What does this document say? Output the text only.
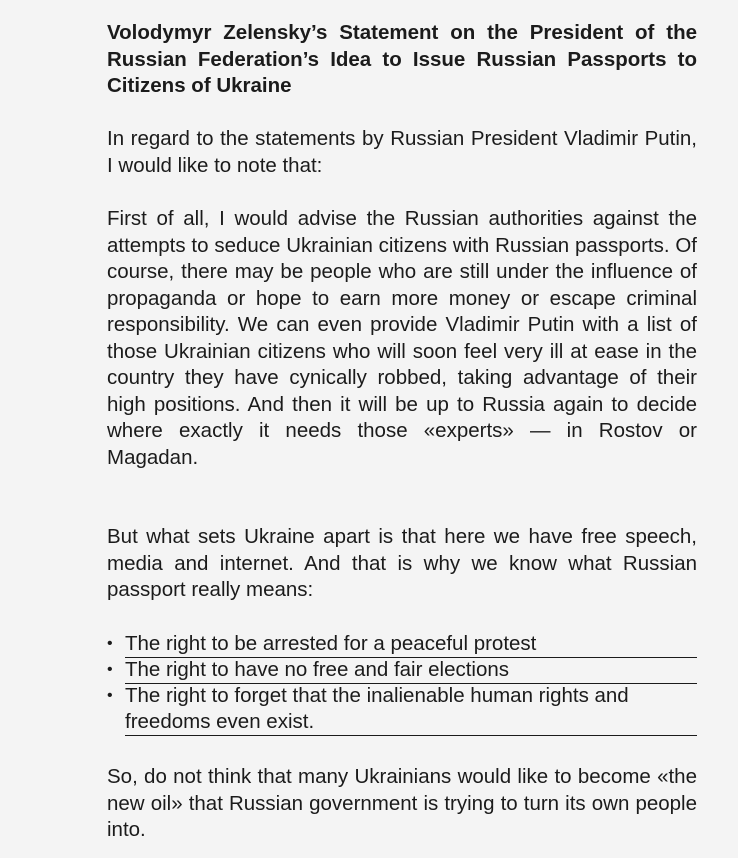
Volodymyr Zelensky’s Statement on the President of the Russian Federation’s Idea to Issue Russian Passports to Citizens of Ukraine

In regard to the statements by Russian President Vladimir Putin, I would like to note that:

First of all, I would advise the Russian authorities against the attempts to seduce Ukrainian citizens with Russian passports. Of course, there may be people who are still under the influence of propaganda or hope to earn more money or escape criminal responsibility. We can even provide Vladimir Putin with a list of those Ukrainian citizens who will soon feel very ill at ease in the country they have cynically robbed, taking advantage of their high positions. And then it will be up to Russia again to decide where exactly it needs those «experts» — in Rostov or Magadan.

But what sets Ukraine apart is that here we have free speech, media and internet. And that is why we know what Russian passport really means:

• The right to be arrested for a peaceful protest
• The right to have no free and fair elections
• The right to forget that the inalienable human rights and freedoms even exist.

So, do not think that many Ukrainians would like to become «the new oil» that Russian government is trying to turn its own people into.
